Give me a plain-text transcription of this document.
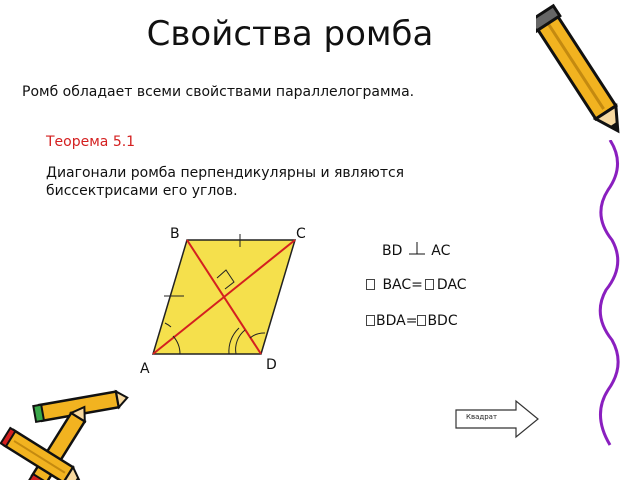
Свойства ромба
Ромб обладает всеми свойствами параллелограмма.
Теорема 5.1
Диагонали ромба перпендикулярны и являются биссектрисами его углов.
B	C
A	D
BD AC
BAC= DAC
BDA= BDC
Квадрат
